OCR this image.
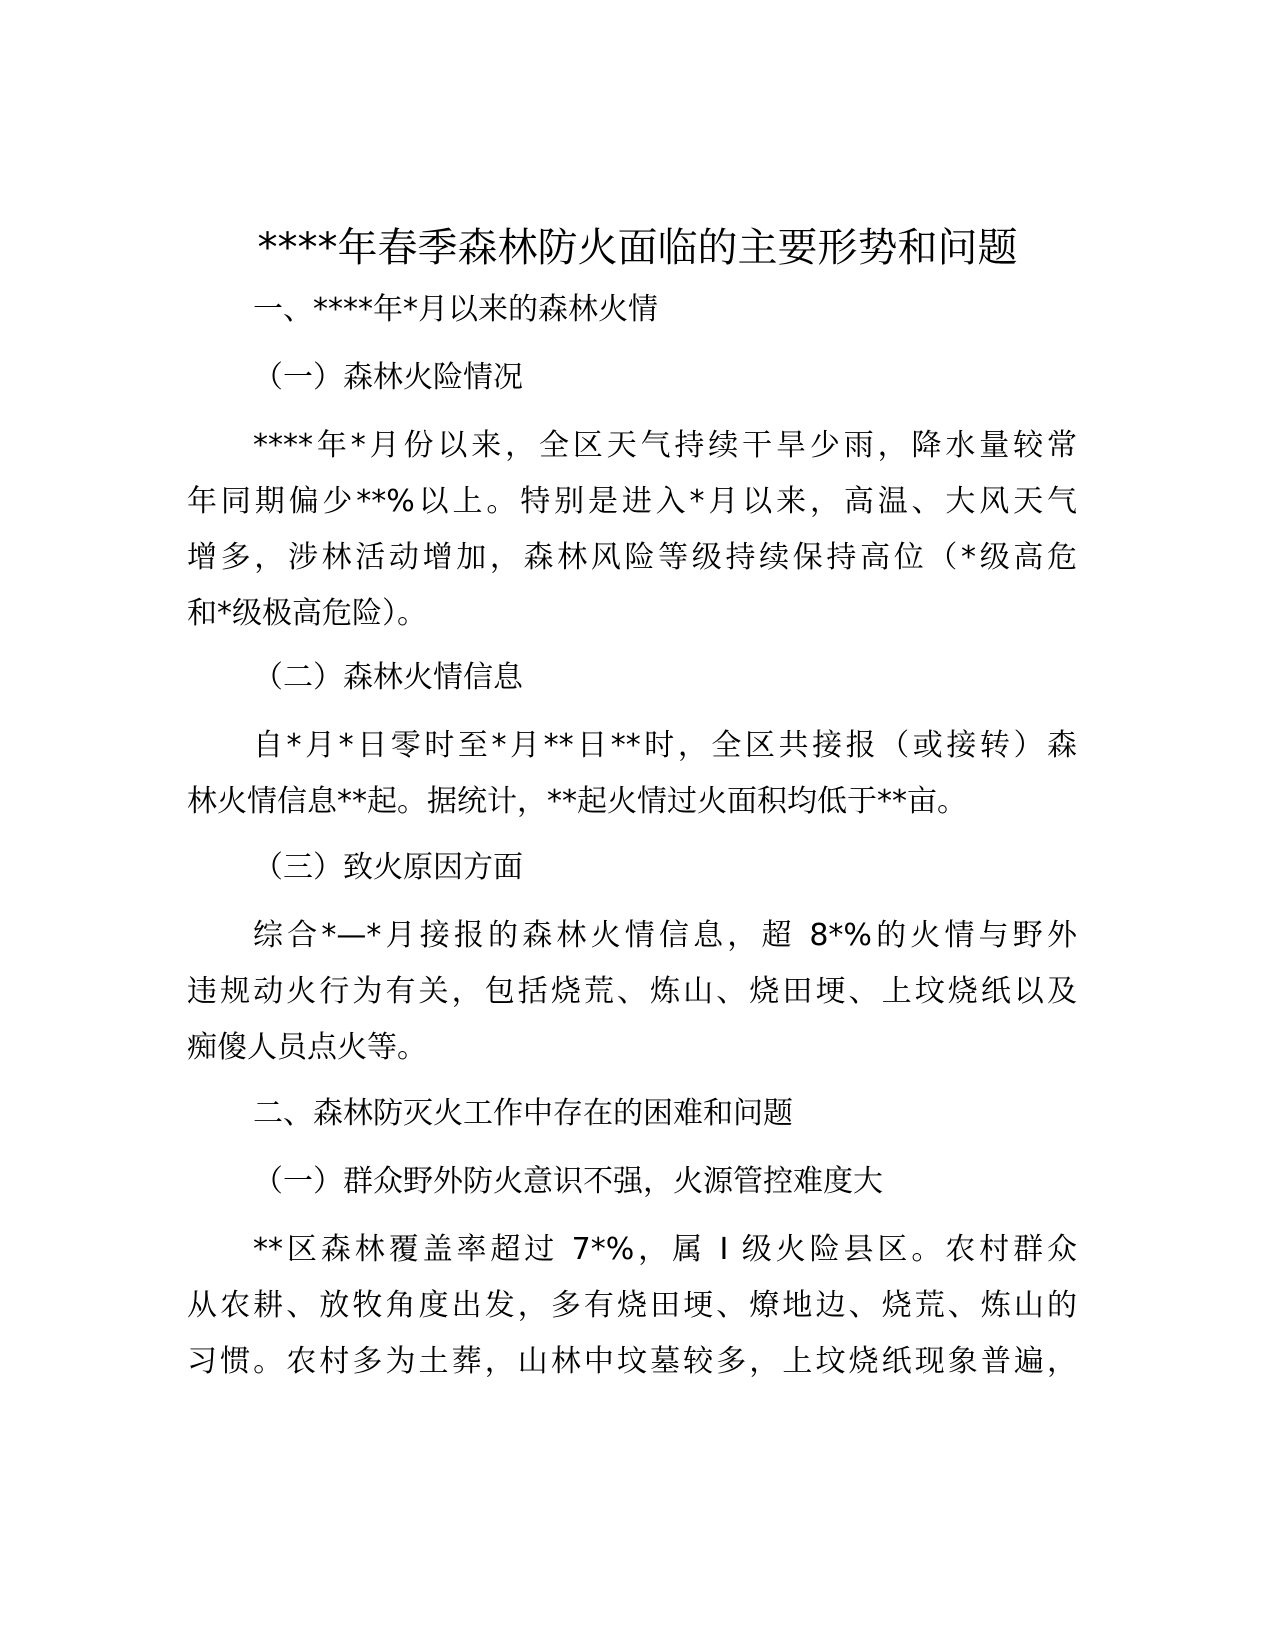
****年春季森林防火面临的主要形势和问题
一、****年*月以来的森林火情
（一）森林火险情况
****年*月份以来，全区天气持续干旱少雨，降水量较常
年同期偏少**%以上。特别是进入*月以来，高温、大风天气
增多，涉林活动增加，森林风险等级持续保持高位（*级高危
和*级极高危险）。
（二）森林火情信息
自*月*日零时至*月**日**时，全区共接报（或接转）森
林火情信息**起。据统计，**起火情过火面积均低于**亩。
（三）致火原因方面
综合*—*月接报的森林火情信息，超 8*%的火情与野外
违规动火行为有关，包括烧荒、炼山、烧田埂、上坟烧纸以及
痴傻人员点火等。
二、森林防灭火工作中存在的困难和问题
（一）群众野外防火意识不强，火源管控难度大
**区森林覆盖率超过 7*%，属 I 级火险县区。农村群众
从农耕、放牧角度出发，多有烧田埂、燎地边、烧荒、炼山的
习惯。农村多为土葬，山林中坟墓较多，上坟烧纸现象普遍，
